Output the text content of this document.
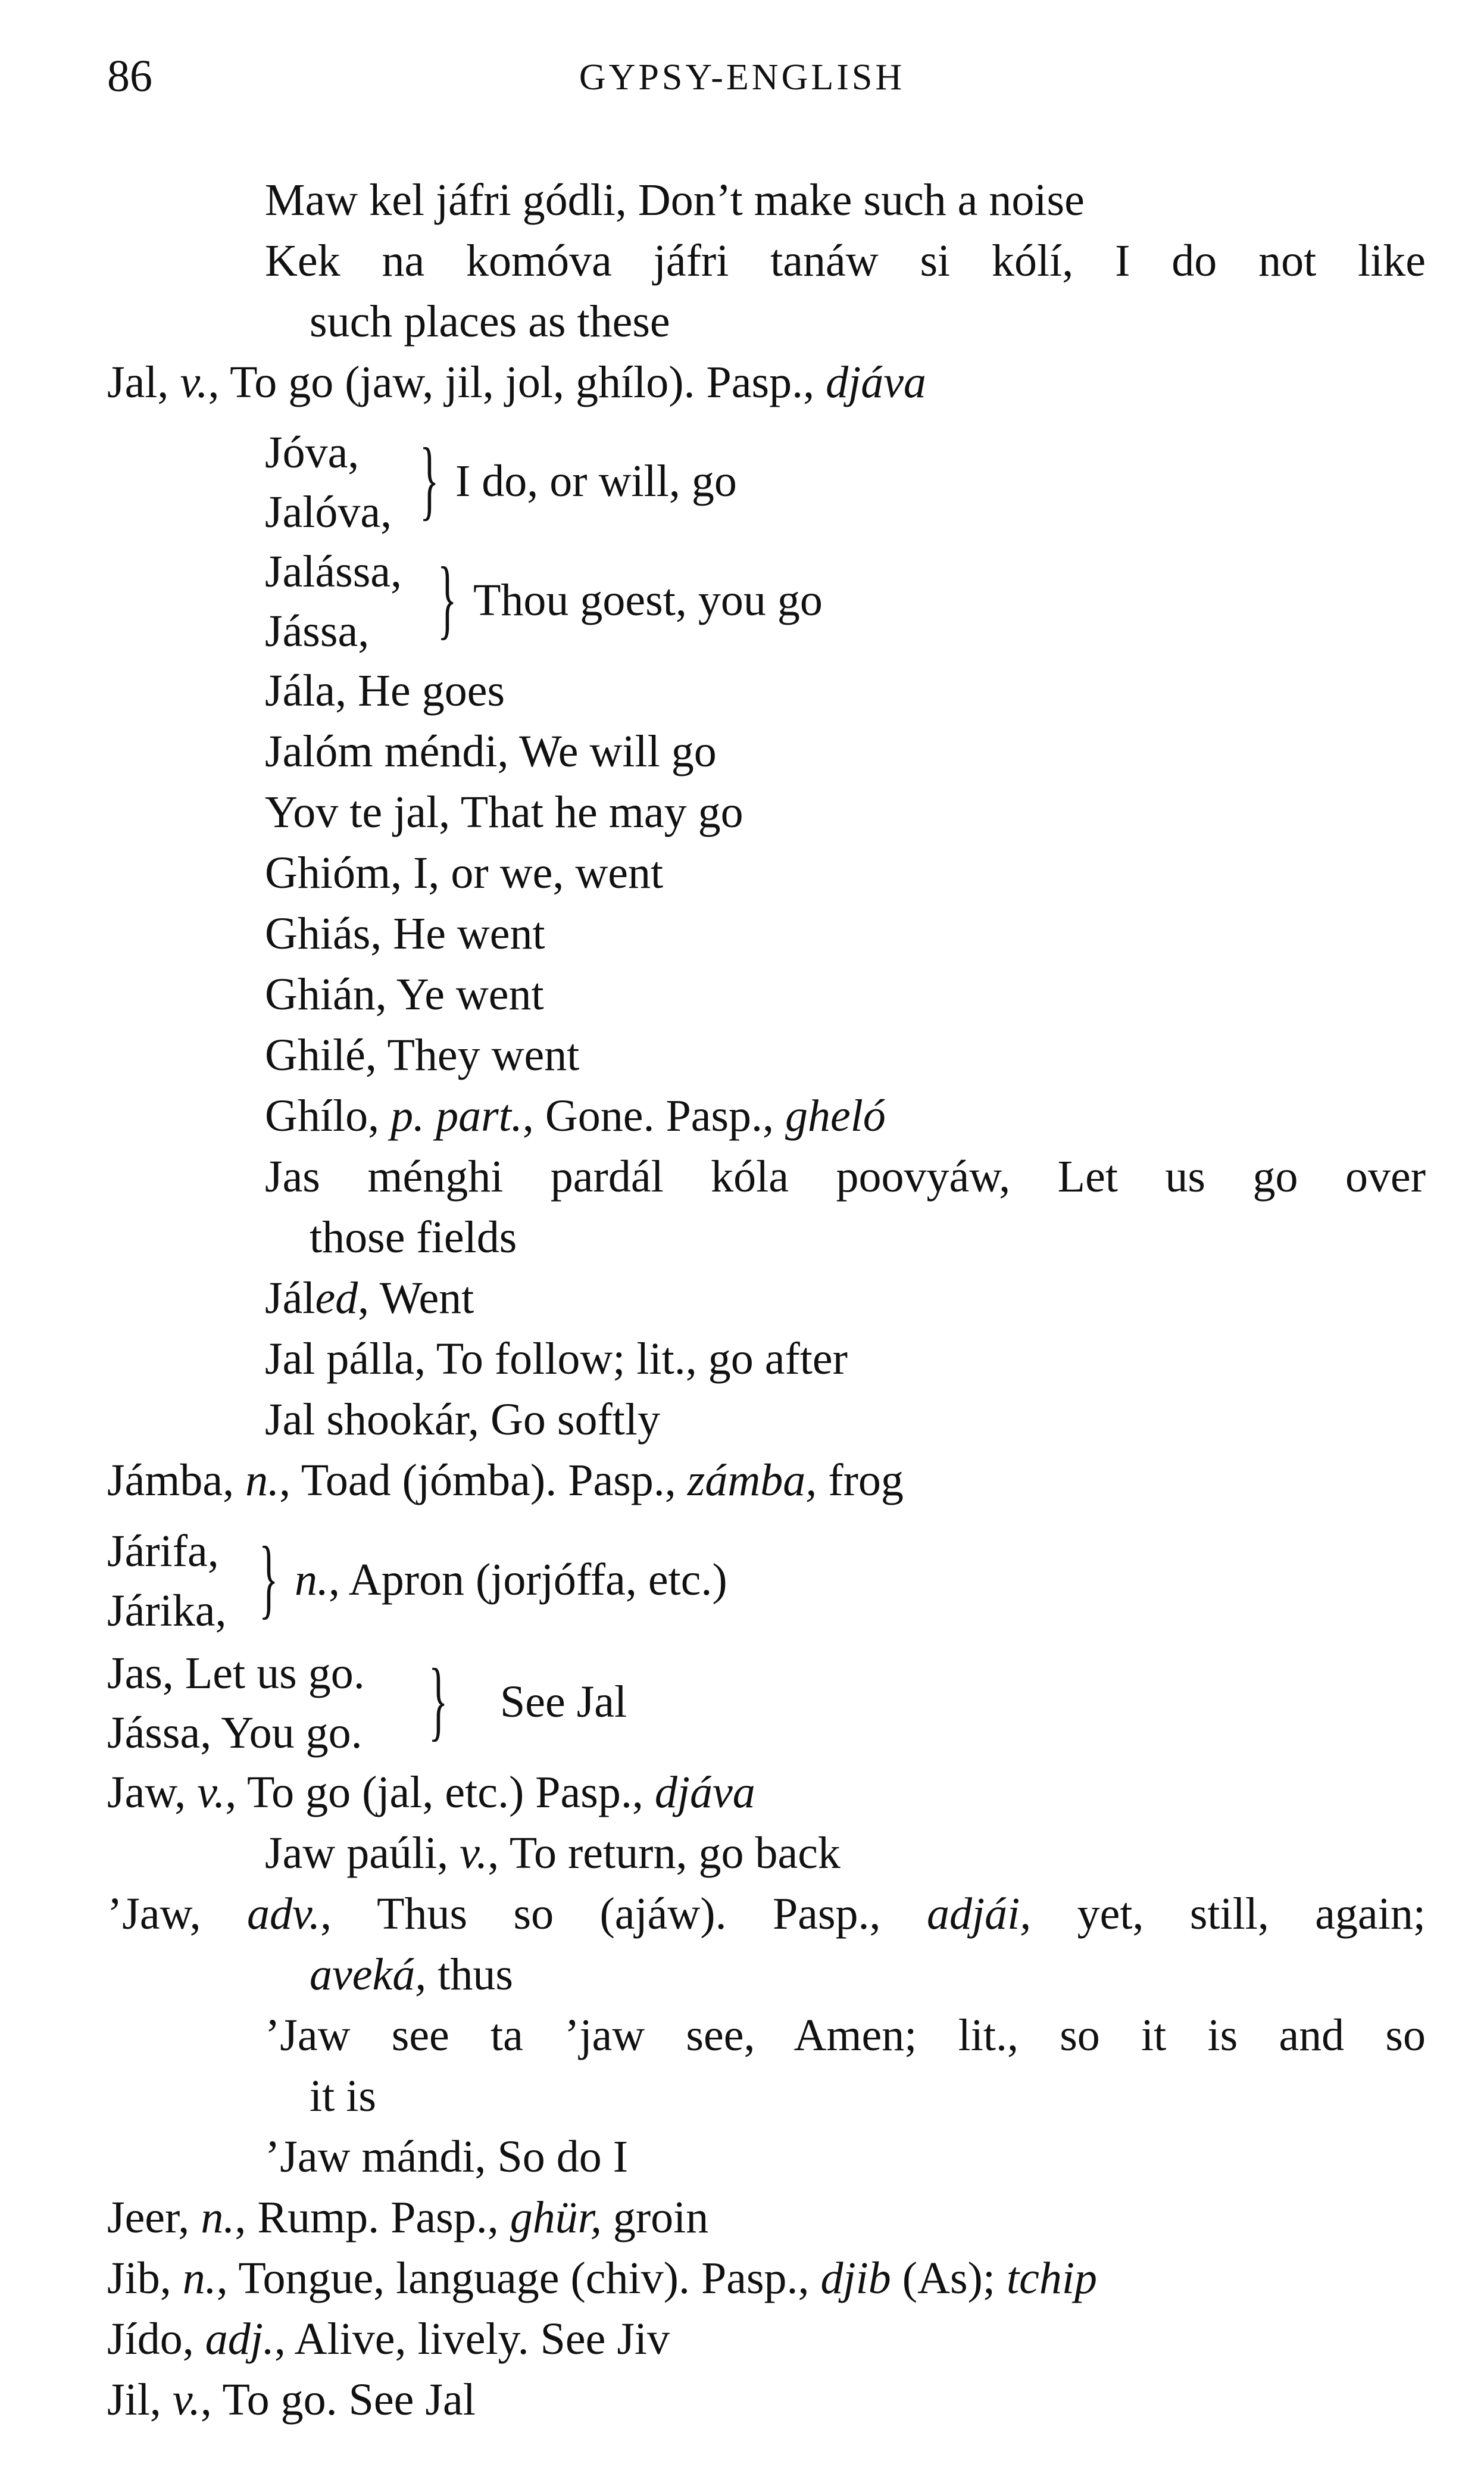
86	GYPSY-ENGLISH
Maw kel jáfri gódli, Don’t make such a noise
Kek na komóva jáfri tanáw si kólí, I do not like
such places as these
Jal, v., To go (jaw, jil, jol, ghílo). Pasp., djáva
Jóva,
Jalóva, } I do, or will, go
Jalássa,
Jássa, } Thou goest, you go
Jála, He goes
Jalóm méndi, We will go
Yov te jal, That he may go
Ghióm, I, or we, went
Ghiás, He went
Ghián, Ye went
Ghilé, They went
Ghílo, p. part., Gone. Pasp., gheló
Jas ménghi pardál kóla poovyáw, Let us go over
those fields
Jáled, Went
Jal pálla, To follow; lit., go after
Jal shookár, Go softly
Jámba, n., Toad (jómba). Pasp., zámba, frog
Járifa,
Járika, } n., Apron (jorjóffa, etc.)
Jas, Let us go.
Jássa, You go. } See Jal
Jaw, v., To go (jal, etc.) Pasp., djáva
Jaw paúli, v., To return, go back
’Jaw, adv., Thus so (ajáw). Pasp., adjái, yet, still, again;
aveká, thus
’Jaw see ta ’jaw see, Amen; lit., so it is and so
it is
’Jaw mándi, So do I
Jeer, n., Rump. Pasp., ghür, groin
Jib, n., Tongue, language (chiv). Pasp., djib (As); tchip
Jído, adj., Alive, lively. See Jiv
Jil, v., To go. See Jal
